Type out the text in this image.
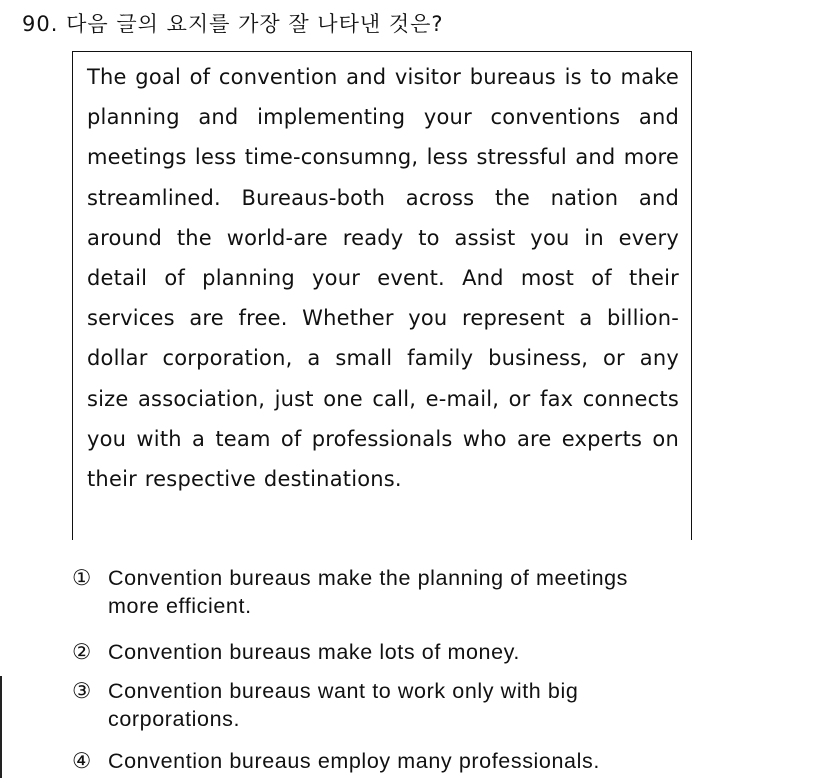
90. 다음 글의 요지를 가장 잘 나타낸 것은?

The goal of convention and visitor bureaus is to make planning and implementing your conventions and meetings less time-consumng, less stressful and more streamlined. Bureaus-both across the nation and around the world-are ready to assist you in every detail of planning your event. And most of their services are free. Whether you represent a billion-dollar corporation, a small family business, or any size association, just one call, e-mail, or fax connects you with a team of professionals who are experts on their respective destinations.

① Convention bureaus make the planning of meetings
more efficient.
② Convention bureaus make lots of money.
③ Convention bureaus want to work only with big
corporations.
④ Convention bureaus employ many professionals.
